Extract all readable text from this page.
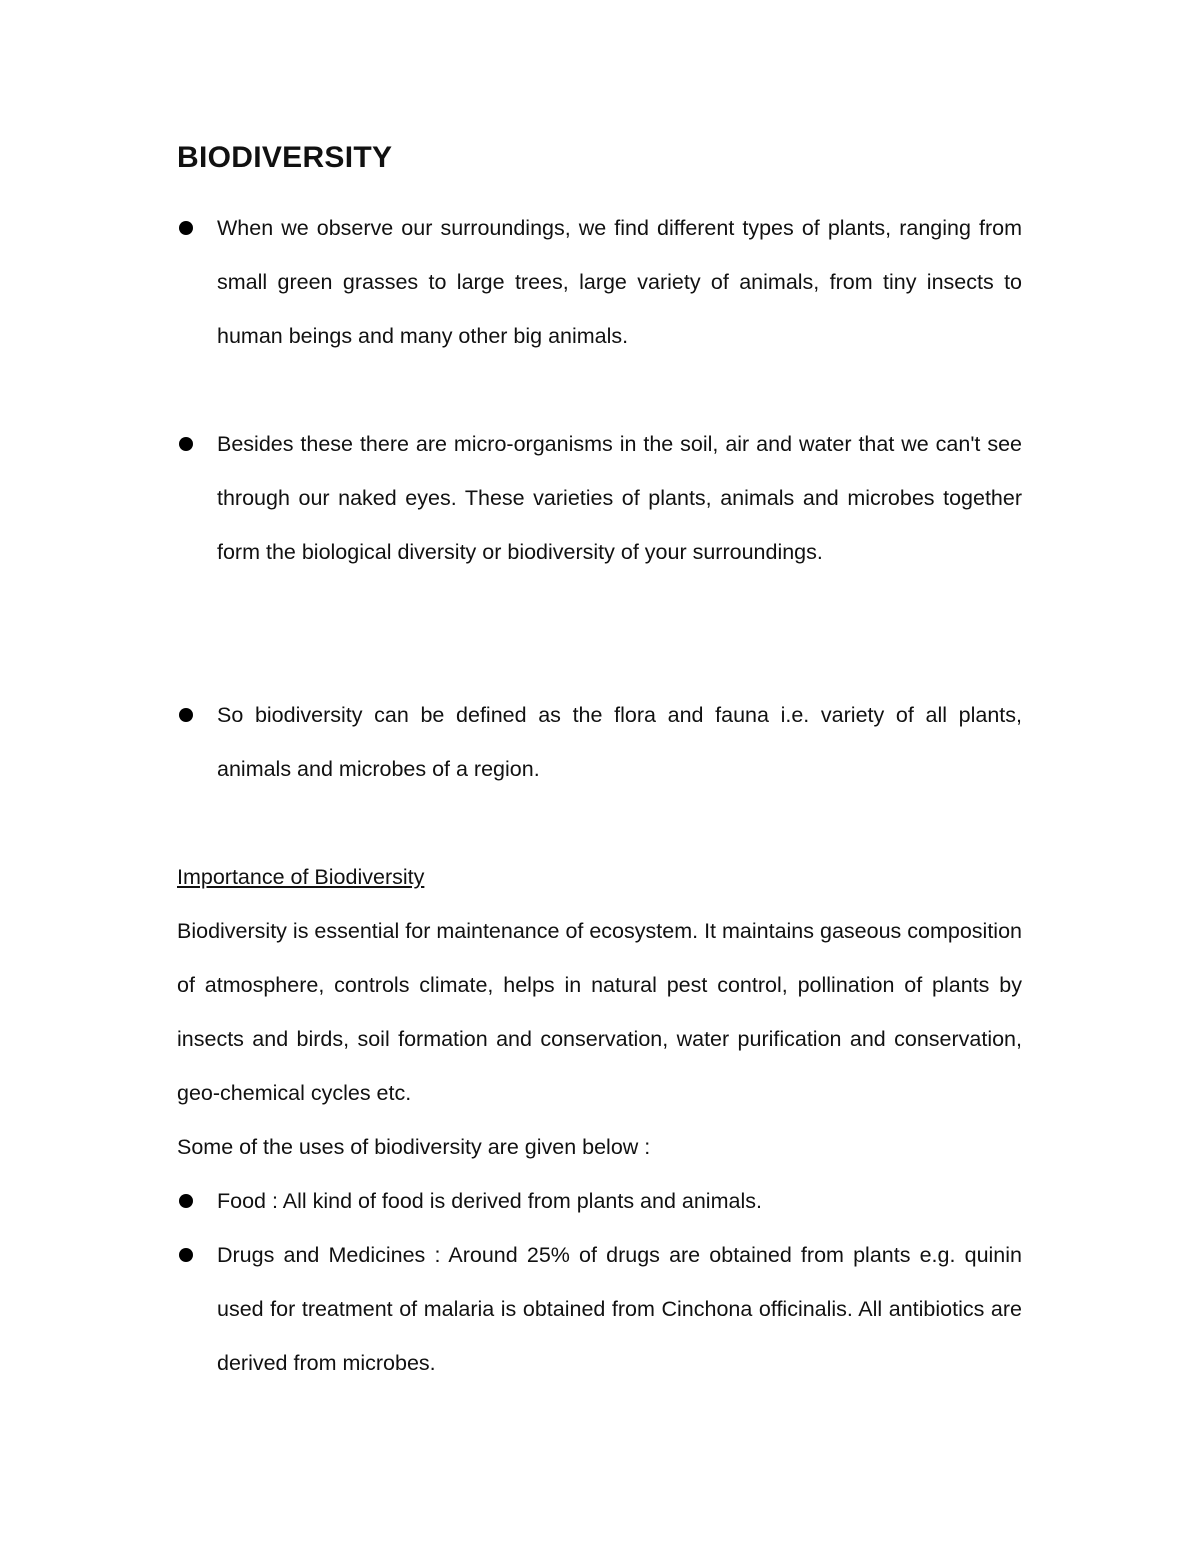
BIODIVERSITY
When we observe our surroundings, we find different types of plants, ranging from small green grasses to large trees, large variety of animals, from tiny insects to human beings and many other big animals.
Besides these there are micro-organisms in the soil, air and water that we can't see through our naked eyes. These varieties of plants, animals and microbes together form the biological diversity or biodiversity of your surroundings.
So biodiversity can be defined as the flora and fauna i.e. variety of all plants, animals and microbes of a region.

Importance of Biodiversity

Biodiversity is essential for maintenance of ecosystem. It maintains gaseous composition of atmosphere, controls climate, helps in natural pest control, pollination of plants by insects and birds, soil formation and conservation, water purification and conservation, geo-chemical cycles etc.

Some of the uses of biodiversity are given below :

Food : All kind of food is derived from plants and animals.
Drugs and Medicines : Around 25% of drugs are obtained from plants e.g. quinin used for treatment of malaria is obtained from Cinchona officinalis. All antibiotics are derived from microbes.
